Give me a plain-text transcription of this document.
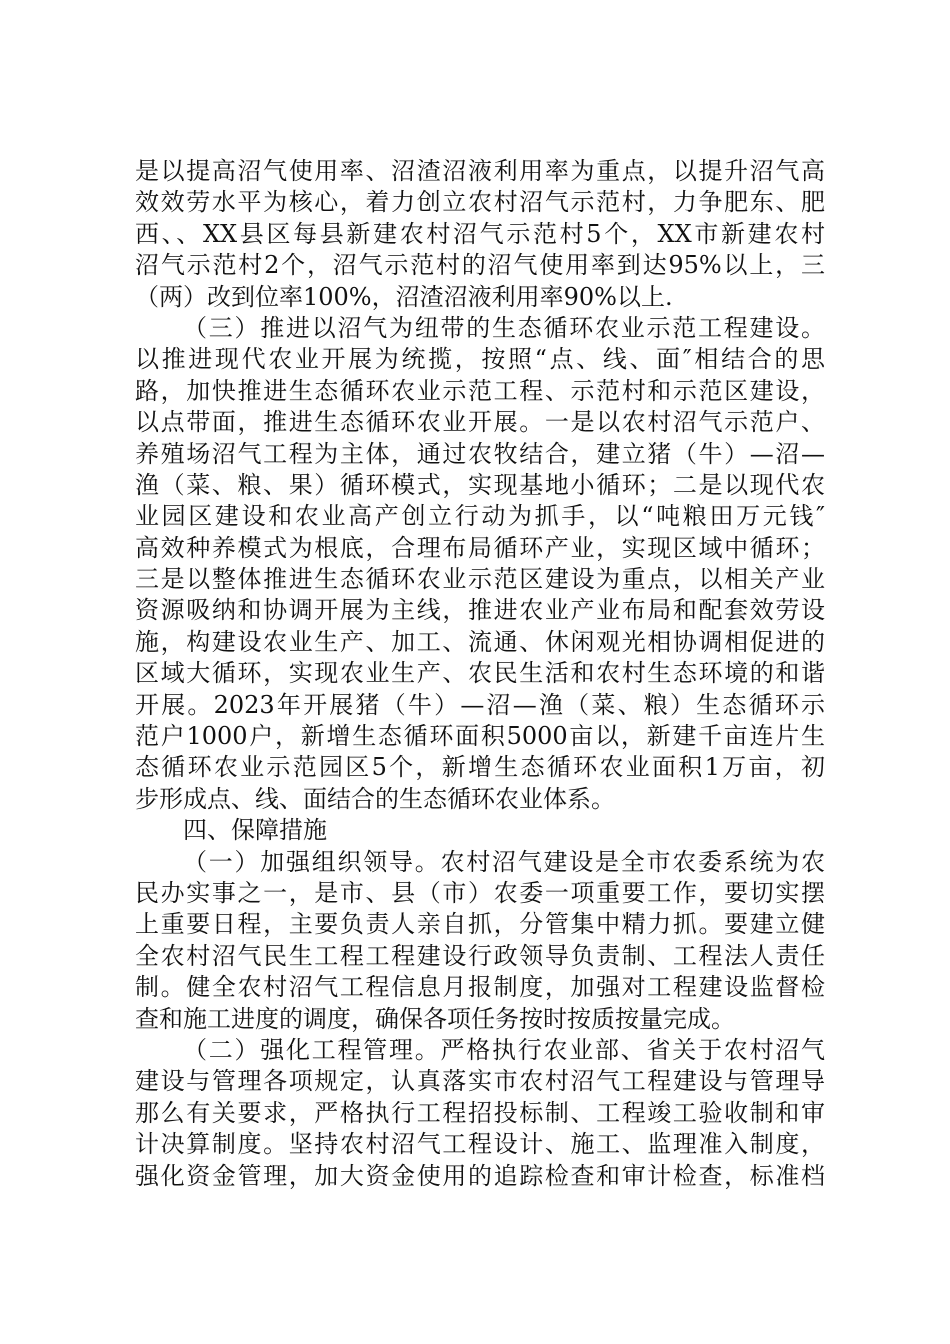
是以提高沼气使用率、沼渣沼液利用率为重点，以提升沼气高
效效劳水平为核心，着力创立农村沼气示范村，力争肥东、肥
西、、XX县区每县新建农村沼气示范村5个，XX市新建农村
沼气示范村2个，沼气示范村的沼气使用率到达95%以上，三
（两）改到位率100%，沼渣沼液利用率90%以上.
（三）推进以沼气为纽带的生态循环农业示范工程建设。
以推进现代农业开展为统揽，按照“点、线、面″相结合的思
路，加快推进生态循环农业示范工程、示范村和示范区建设，
以点带面，推进生态循环农业开展。一是以农村沼气示范户、
养殖场沼气工程为主体，通过农牧结合，建立猪（牛）—沼—
渔（菜、粮、果）循环模式，实现基地小循环；二是以现代农
业园区建设和农业高产创立行动为抓手，以“吨粮田万元钱″
高效种养模式为根底，合理布局循环产业，实现区域中循环；
三是以整体推进生态循环农业示范区建设为重点，以相关产业
资源吸纳和协调开展为主线，推进农业产业布局和配套效劳设
施，构建设农业生产、加工、流通、休闲观光相协调相促进的
区域大循环，实现农业生产、农民生活和农村生态环境的和谐
开展。2023年开展猪（牛）—沼—渔（菜、粮）生态循环示
范户1000户，新增生态循环面积5000亩以，新建千亩连片生
态循环农业示范园区5个，新增生态循环农业面积1万亩，初
步形成点、线、面结合的生态循环农业体系。
四、保障措施
（一）加强组织领导。农村沼气建设是全市农委系统为农
民办实事之一，是市、县（市）农委一项重要工作，要切实摆
上重要日程，主要负责人亲自抓，分管集中精力抓。要建立健
全农村沼气民生工程工程建设行政领导负责制、工程法人责任
制。健全农村沼气工程信息月报制度，加强对工程建设监督检
查和施工进度的调度，确保各项任务按时按质按量完成。
（二）强化工程管理。严格执行农业部、省关于农村沼气
建设与管理各项规定，认真落实市农村沼气工程建设与管理导
那么有关要求，严格执行工程招投标制、工程竣工验收制和审
计决算制度。坚持农村沼气工程设计、施工、监理准入制度，
强化资金管理，加大资金使用的追踪检查和审计检查，标准档
